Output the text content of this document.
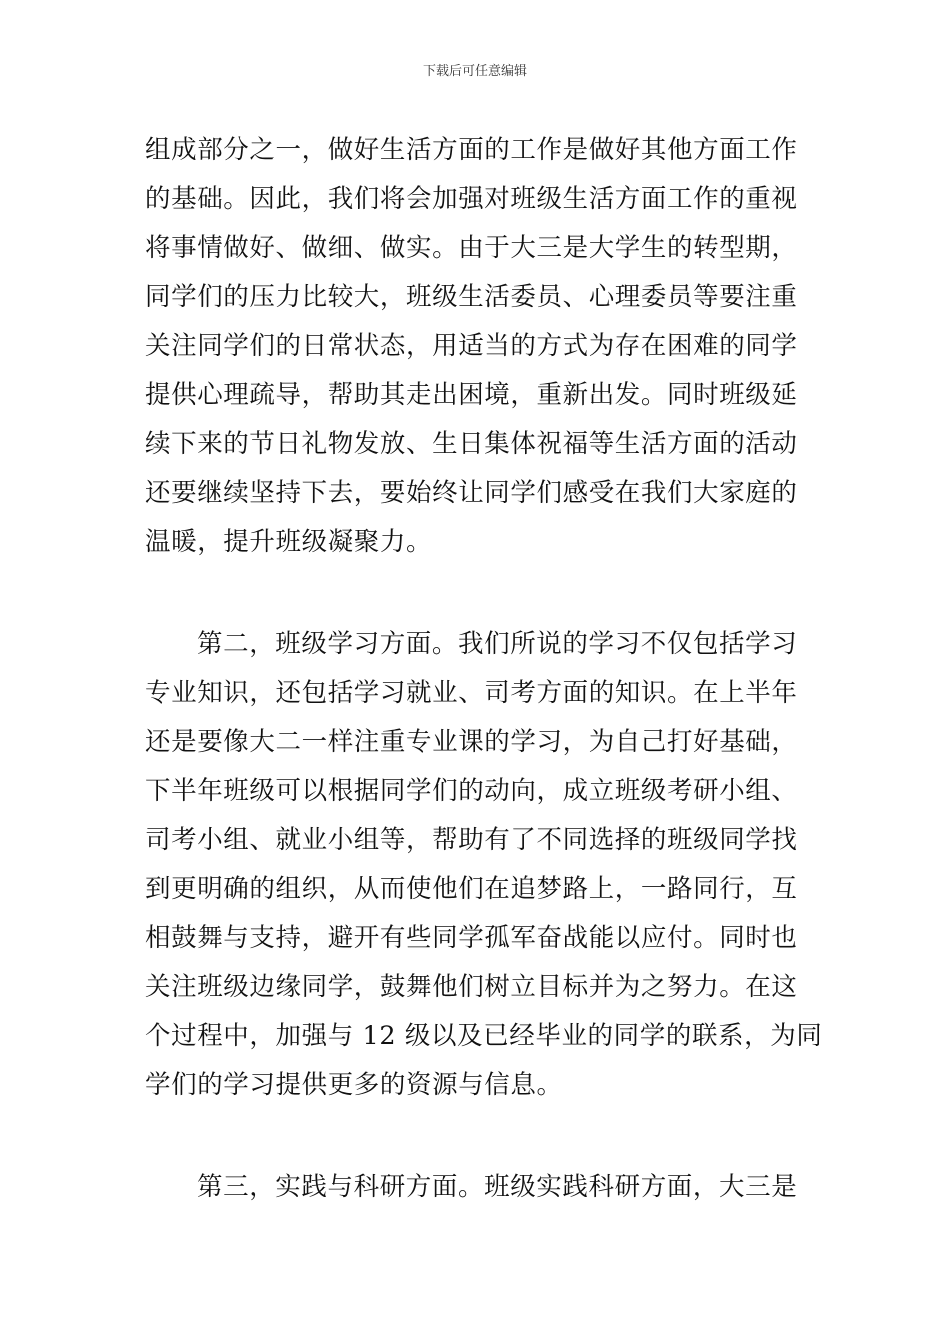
下载后可任意编辑
组成部分之一，做好生活方面的工作是做好其他方面工作
的基础。因此，我们将会加强对班级生活方面工作的重视
将事情做好、做细、做实。由于大三是大学生的转型期，
同学们的压力比较大，班级生活委员、心理委员等要注重
关注同学们的日常状态，用适当的方式为存在困难的同学
提供心理疏导，帮助其走出困境，重新出发。同时班级延
续下来的节日礼物发放、生日集体祝福等生活方面的活动
还要继续坚持下去，要始终让同学们感受在我们大家庭的
温暖，提升班级凝聚力。
第二，班级学习方面。我们所说的学习不仅包括学习
专业知识，还包括学习就业、司考方面的知识。在上半年
还是要像大二一样注重专业课的学习，为自己打好基础，
下半年班级可以根据同学们的动向，成立班级考研小组、
司考小组、就业小组等，帮助有了不同选择的班级同学找
到更明确的组织，从而使他们在追梦路上，一路同行，互
相鼓舞与支持，避开有些同学孤军奋战能以应付。同时也
关注班级边缘同学，鼓舞他们树立目标并为之努力。在这
个过程中，加强与 12 级以及已经毕业的同学的联系，为同
学们的学习提供更多的资源与信息。
第三，实践与科研方面。班级实践科研方面，大三是
